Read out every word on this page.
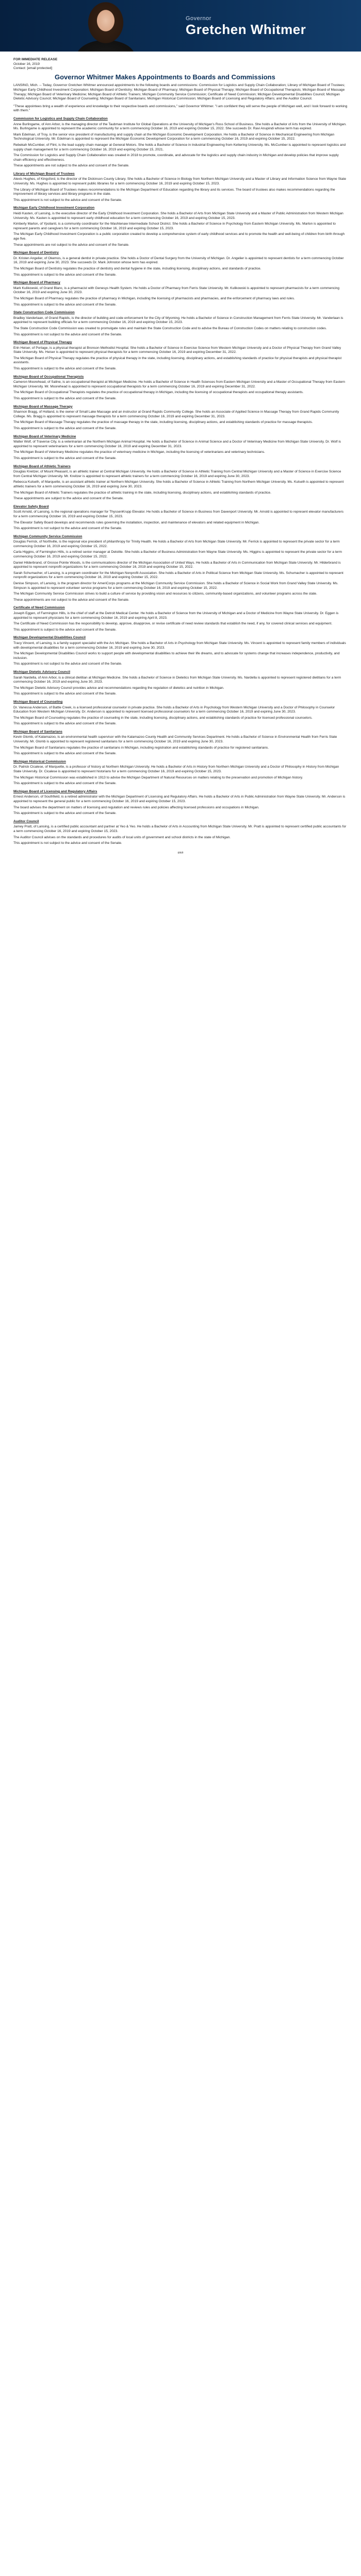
Governor
Gretchen Whitmer
FOR IMMEDIATE RELEASE
October 16, 2019
Contact: [email protected]
Governor Whitmer Makes Appointments to Boards and Commissions

LANSING, Mich. -- Today, Governor Gretchen Whitmer announced appointments to the following boards and commissions: Commission for Logistics and Supply Chain Collaboration; Library of Michigan Board of Trustees; Michigan Early Childhood Investment Corporation; Michigan Board of Dentistry; Michigan Board of Pharmacy; Michigan Board of Physical Therapy; Michigan Board of Occupational Therapists; Michigan Board of Massage Therapy; Michigan Board of Veterinary Medicine; Michigan Board of Athletic Trainers; Michigan Community Service Commission; Certificate of Need Commission; Michigan Developmental Disabilities Council; Michigan Dietetic Advisory Council; Michigan Board of Counseling; Michigan Board of Sanitarians; Michigan Historical Commission; Michigan Board of Licensing and Regulatory Affairs; and the Auditor Council.

"These appointees bring a wealth of experience and knowledge to their respective boards and commissions," said Governor Whitmer. "I am confident they will serve the people of Michigan well, and I look forward to working with them."

Commission for Logistics and Supply Chain Collaboration

Anne Burlingame, of Ann Arbor, is the managing director of the Taubman Institute for Global Operations at the University of Michigan's Ross School of Business. She holds a Bachelor of Arts from the University of Michigan. Ms. Burlingame is appointed to represent the academic community for a term commencing October 16, 2019 and expiring October 15, 2022. She succeeds Dr. Ravi Anupindi whose term has expired.

Mark Edelman, of Troy, is the senior vice president of manufacturing and supply chain at the Michigan Economic Development Corporation. He holds a Bachelor of Science in Mechanical Engineering from Michigan Technological University. Mr. Edelman is appointed to represent the Michigan Economic Development Corporation for a term commencing October 16, 2019 and expiring October 15, 2022.

Rebekah McCumber, of Flint, is the lead supply chain manager at General Motors. She holds a Bachelor of Science in Industrial Engineering from Kettering University. Ms. McCumber is appointed to represent logistics and supply chain management for a term commencing October 16, 2019 and expiring October 15, 2021.

The Commission for Logistics and Supply Chain Collaboration was created in 2018 to promote, coordinate, and advocate for the logistics and supply chain industry in Michigan and develop policies that improve supply chain efficiency and effectiveness.

These appointments are not subject to the advice and consent of the Senate.

Library of Michigan Board of Trustees

Alexis Hughes, of Kingsford, is the director of the Dickinson County Library. She holds a Bachelor of Science in Biology from Northern Michigan University and a Master of Library and Information Science from Wayne State University. Ms. Hughes is appointed to represent public libraries for a term commencing October 16, 2019 and expiring October 15, 2023.

The Library of Michigan Board of Trustees makes recommendations to the Michigan Department of Education regarding the library and its services. The board of trustees also makes recommendations regarding the improvement of library services and library programs in the state.

This appointment is not subject to the advice and consent of the Senate.

Michigan Early Childhood Investment Corporation

Heidi Kasten, of Lansing, is the executive director of the Early Childhood Investment Corporation. She holds a Bachelor of Arts from Michigan State University and a Master of Public Administration from Western Michigan University. Ms. Kasten is appointed to represent early childhood education for a term commencing October 16, 2019 and expiring October 15, 2023.

Kimberly Marlon, of Ypsilanti, is a community coordinator for the Washtenaw Intermediate School District. She holds a Bachelor of Science in Psychology from Eastern Michigan University. Ms. Marlon is appointed to represent parents and caregivers for a term commencing October 16, 2019 and expiring October 15, 2023.

The Michigan Early Childhood Investment Corporation is a public corporation created to develop a comprehensive system of early childhood services and to promote the health and well-being of children from birth through age five.

These appointments are not subject to the advice and consent of the Senate.

Michigan Board of Dentistry

Dr. Kristen Angelier, of Okemos, is a general dentist in private practice. She holds a Doctor of Dental Surgery from the University of Michigan. Dr. Angelier is appointed to represent dentists for a term commencing October 16, 2019 and expiring June 30, 2023. She succeeds Dr. Mark Johnston whose term has expired.

The Michigan Board of Dentistry regulates the practice of dentistry and dental hygiene in the state, including licensing, disciplinary actions, and standards of practice.

This appointment is subject to the advice and consent of the Senate.

Michigan Board of Pharmacy

Mark Kulikowski, of Grand Blanc, is a pharmacist with Genesys Health System. He holds a Doctor of Pharmacy from Ferris State University. Mr. Kulikowski is appointed to represent pharmacists for a term commencing October 16, 2019 and expiring June 30, 2023.

The Michigan Board of Pharmacy regulates the practice of pharmacy in Michigan, including the licensing of pharmacists and pharmacies, and the enforcement of pharmacy laws and rules.

This appointment is subject to the advice and consent of the Senate.

State Construction Code Commission

Bradley Vanderlaan, of Grand Rapids, is the director of building and code enforcement for the City of Wyoming. He holds a Bachelor of Science in Construction Management from Ferris State University. Mr. Vanderlaan is appointed to represent building officials for a term commencing October 16, 2019 and expiring October 15, 2023.

The State Construction Code Commission was created to promulgate rules and maintain the State Construction Code and to advise the Bureau of Construction Codes on matters relating to construction codes.

This appointment is not subject to the advice and consent of the Senate.

Michigan Board of Physical Therapy

Erin Heiser, of Portage, is a physical therapist at Bronson Methodist Hospital. She holds a Bachelor of Science in Exercise Science from Western Michigan University and a Doctor of Physical Therapy from Grand Valley State University. Ms. Heiser is appointed to represent physical therapists for a term commencing October 16, 2019 and expiring December 31, 2022.

The Michigan Board of Physical Therapy regulates the practice of physical therapy in the state, including licensing, disciplinary actions, and establishing standards of practice for physical therapists and physical therapist assistants.

This appointment is subject to the advice and consent of the Senate.

Michigan Board of Occupational Therapists

Cameron Moorehead, of Saline, is an occupational therapist at Michigan Medicine. He holds a Bachelor of Science in Health Sciences from Eastern Michigan University and a Master of Occupational Therapy from Eastern Michigan University. Mr. Moorehead is appointed to represent occupational therapists for a term commencing October 16, 2019 and expiring December 31, 2022.

The Michigan Board of Occupational Therapists regulates the practice of occupational therapy in Michigan, including the licensing of occupational therapists and occupational therapy assistants.

This appointment is subject to the advice and consent of the Senate.

Michigan Board of Massage Therapy

Shannon Bragg, of Holland, is the owner of Small Lake Massage and an instructor at Grand Rapids Community College. She holds an Associate of Applied Science in Massage Therapy from Grand Rapids Community College. Ms. Bragg is appointed to represent massage therapists for a term commencing October 16, 2019 and expiring December 31, 2023.

The Michigan Board of Massage Therapy regulates the practice of massage therapy in the state, including licensing, disciplinary actions, and establishing standards of practice for massage therapists.

This appointment is subject to the advice and consent of the Senate.

Michigan Board of Veterinary Medicine

Walter Wolf, of Traverse City, is a veterinarian at the Northern Michigan Animal Hospital. He holds a Bachelor of Science in Animal Science and a Doctor of Veterinary Medicine from Michigan State University. Dr. Wolf is appointed to represent veterinarians for a term commencing October 16, 2019 and expiring December 31, 2023.

The Michigan Board of Veterinary Medicine regulates the practice of veterinary medicine in Michigan, including the licensing of veterinarians and veterinary technicians.

This appointment is subject to the advice and consent of the Senate.

Michigan Board of Athletic Trainers

Douglas Kreitzer, of Mount Pleasant, is an athletic trainer at Central Michigan University. He holds a Bachelor of Science in Athletic Training from Central Michigan University and a Master of Science in Exercise Science from Central Michigan University. Mr. Kreitzer is appointed to represent athletic trainers for a term commencing October 16, 2019 and expiring June 30, 2023.

Rebecca Kulseth, of Marquette, is an assistant athletic trainer at Northern Michigan University. She holds a Bachelor of Science in Athletic Training from Northern Michigan University. Ms. Kulseth is appointed to represent athletic trainers for a term commencing October 16, 2019 and expiring June 30, 2023.

The Michigan Board of Athletic Trainers regulates the practice of athletic training in the state, including licensing, disciplinary actions, and establishing standards of practice.

These appointments are subject to the advice and consent of the Senate.

Elevator Safety Board

Scott Arnold, of Lansing, is the regional operations manager for ThyssenKrupp Elevator. He holds a Bachelor of Science in Business from Davenport University. Mr. Arnold is appointed to represent elevator manufacturers for a term commencing October 16, 2019 and expiring October 15, 2023.

The Elevator Safety Board develops and recommends rules governing the installation, inspection, and maintenance of elevators and related equipment in Michigan.

This appointment is not subject to the advice and consent of the Senate.

Michigan Community Service Commission

Douglas Ferrick, of Northville, is the regional vice president of philanthropy for Trinity Health. He holds a Bachelor of Arts from Michigan State University. Mr. Ferrick is appointed to represent the private sector for a term commencing October 16, 2019 and expiring October 15, 2022.

Carla Higgins, of Farmington Hills, is a retired senior manager at Deloitte. She holds a Bachelor of Business Administration from Wayne State University. Ms. Higgins is appointed to represent the private sector for a term commencing October 16, 2019 and expiring October 15, 2022.

Daniel Hilderbrand, of Grosse Pointe Woods, is the communications director of the Michigan Association of United Ways. He holds a Bachelor of Arts in Communication from Michigan State University. Mr. Hilderbrand is appointed to represent nonprofit organizations for a term commencing October 16, 2019 and expiring October 15, 2022.

Sarah Schumacher, of Lansing, is a program coordinator for the Michigan Nonprofit Association. She holds a Bachelor of Arts in Political Science from Michigan State University. Ms. Schumacher is appointed to represent nonprofit organizations for a term commencing October 16, 2019 and expiring October 15, 2022.

Denise Simpson, of Lansing, is the program director for AmeriCorps programs at the Michigan Community Service Commission. She holds a Bachelor of Science in Social Work from Grand Valley State University. Ms. Simpson is appointed to represent volunteer service programs for a term commencing October 16, 2019 and expiring October 15, 2022.

The Michigan Community Service Commission strives to build a culture of service by providing vision and resources to citizens, community-based organizations, and volunteer programs across the state.

These appointments are not subject to the advice and consent of the Senate.

Certificate of Need Commission

Joseph Eggen, of Farmington Hills, is the chief of staff at the Detroit Medical Center. He holds a Bachelor of Science from the University of Michigan and a Doctor of Medicine from Wayne State University. Dr. Eggen is appointed to represent physicians for a term commencing October 16, 2019 and expiring April 8, 2023.

The Certificate of Need Commission has the responsibility to develop, approve, disapprove, or revise certificate of need review standards that establish the need, if any, for covered clinical services and equipment.

This appointment is subject to the advice and consent of the Senate.

Michigan Developmental Disabilities Council

Tracy Vincent, of Lansing, is a family support specialist with the Arc Michigan. She holds a Bachelor of Arts in Psychology from Michigan State University. Ms. Vincent is appointed to represent family members of individuals with developmental disabilities for a term commencing October 16, 2019 and expiring June 30, 2023.

The Michigan Developmental Disabilities Council works to support people with developmental disabilities to achieve their life dreams, and to advocate for systems change that increases independence, productivity, and inclusion.

This appointment is not subject to the advice and consent of the Senate.

Michigan Dietetic Advisory Council

Sarah Nardella, of Ann Arbor, is a clinical dietitian at Michigan Medicine. She holds a Bachelor of Science in Dietetics from Michigan State University. Ms. Nardella is appointed to represent registered dietitians for a term commencing October 16, 2019 and expiring June 30, 2023.

The Michigan Dietetic Advisory Council provides advice and recommendations regarding the regulation of dietetics and nutrition in Michigan.

This appointment is subject to the advice and consent of the Senate.

Michigan Board of Counseling

Dr. Vanessa Anderson, of Battle Creek, is a licensed professional counselor in private practice. She holds a Bachelor of Arts in Psychology from Western Michigan University and a Doctor of Philosophy in Counselor Education from Western Michigan University. Dr. Anderson is appointed to represent licensed professional counselors for a term commencing October 16, 2019 and expiring June 30, 2023.

The Michigan Board of Counseling regulates the practice of counseling in the state, including licensing, disciplinary actions, and establishing standards of practice for licensed professional counselors.

This appointment is subject to the advice and consent of the Senate.

Michigan Board of Sanitarians

Kevin Glomb, of Kalamazoo, is an environmental health supervisor with the Kalamazoo County Health and Community Services Department. He holds a Bachelor of Science in Environmental Health from Ferris State University. Mr. Glomb is appointed to represent registered sanitarians for a term commencing October 16, 2019 and expiring June 30, 2023.

The Michigan Board of Sanitarians regulates the practice of sanitarians in Michigan, including registration and establishing standards of practice for registered sanitarians.

This appointment is subject to the advice and consent of the Senate.

Michigan Historical Commission

Dr. Patrick Cicalese, of Marquette, is a professor of history at Northern Michigan University. He holds a Bachelor of Arts in History from Northern Michigan University and a Doctor of Philosophy in History from Michigan State University. Dr. Cicalese is appointed to represent historians for a term commencing October 16, 2019 and expiring October 15, 2023.

The Michigan Historical Commission was established in 1913 to advise the Michigan Department of Natural Resources on matters relating to the preservation and promotion of Michigan history.

This appointment is subject to the advice and consent of the Senate.

Michigan Board of Licensing and Regulatory Affairs

Ernest Anderson, of Southfield, is a retired administrator with the Michigan Department of Licensing and Regulatory Affairs. He holds a Bachelor of Arts in Public Administration from Wayne State University. Mr. Anderson is appointed to represent the general public for a term commencing October 16, 2019 and expiring October 15, 2023.

The board advises the department on matters of licensing and regulation and reviews rules and policies affecting licensed professions and occupations in Michigan.

This appointment is subject to the advice and consent of the Senate.

Auditor Council

Jamey Pratt, of Lansing, is a certified public accountant and partner at Yeo & Yeo. He holds a Bachelor of Arts in Accounting from Michigan State University. Mr. Pratt is appointed to represent certified public accountants for a term commencing October 16, 2019 and expiring October 15, 2023.

The Auditor Council advises on the standards and procedures for audits of local units of government and school districts in the state of Michigan.

This appointment is not subject to the advice and consent of the Senate.

###
